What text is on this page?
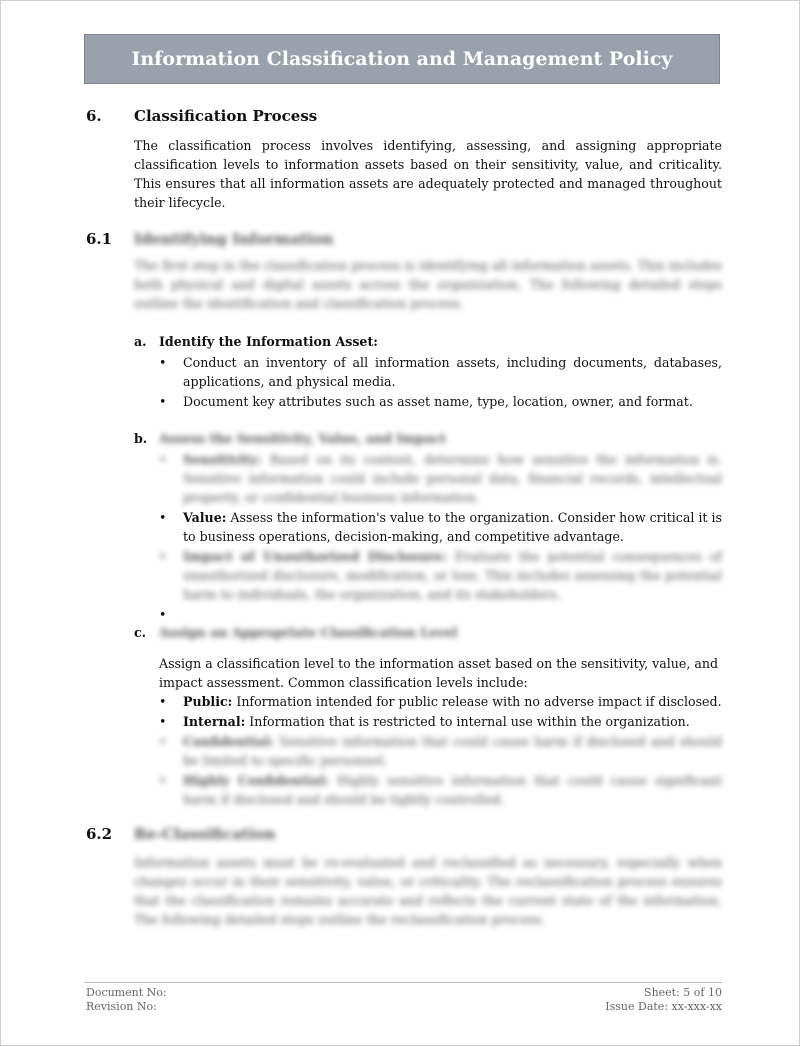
Information Classification and Management Policy
6. Classification Process

The classification process involves identifying, assessing, and assigning appropriate classification levels to information assets based on their sensitivity, value, and criticality. This ensures that all information assets are adequately protected and managed throughout their lifecycle.

6.1 Identifying Information

The first step in the classification process is identifying all information assets. This includes both physical and digital assets across the organization. The following detailed steps outline the identification and classification process.

a. Identify the Information Asset:
• Conduct an inventory of all information assets, including documents, databases, applications, and physical media.
• Document key attributes such as asset name, type, location, owner, and format.
b. Assess the Sensitivity, Value, and Impact
• Sensitivity: Based on its content, determine how sensitive the information is. Sensitive information could include personal data, financial records, intellectual property, or confidential business information.
• Value: Assess the information's value to the organization. Consider how critical it is to business operations, decision-making, and competitive advantage.
• Impact of Unauthorized Disclosure: Evaluate the potential consequences of unauthorized disclosure, modification, or loss. This includes assessing the potential harm to individuals, the organization, and its stakeholders.
•

c. Assign an Appropriate Classification Level

Assign a classification level to the information asset based on the sensitivity, value, and impact assessment. Common classification levels include:

• Public: Information intended for public release with no adverse impact if disclosed.
• Internal: Information that is restricted to internal use within the organization.
• Confidential: Sensitive information that could cause harm if disclosed and should be limited to specific personnel.
• Highly Confidential: Highly sensitive information that could cause significant harm if disclosed and should be tightly controlled.
6.2 Re-Classification

Information assets must be re-evaluated and reclassified as necessary, especially when changes occur in their sensitivity, value, or criticality. The reclassification process ensures that the classification remains accurate and reflects the current state of the information. The following detailed steps outline the reclassification process.

Document No:
Revision No:
Sheet: 5 of 10
Issue Date: xx-xxx-xx
